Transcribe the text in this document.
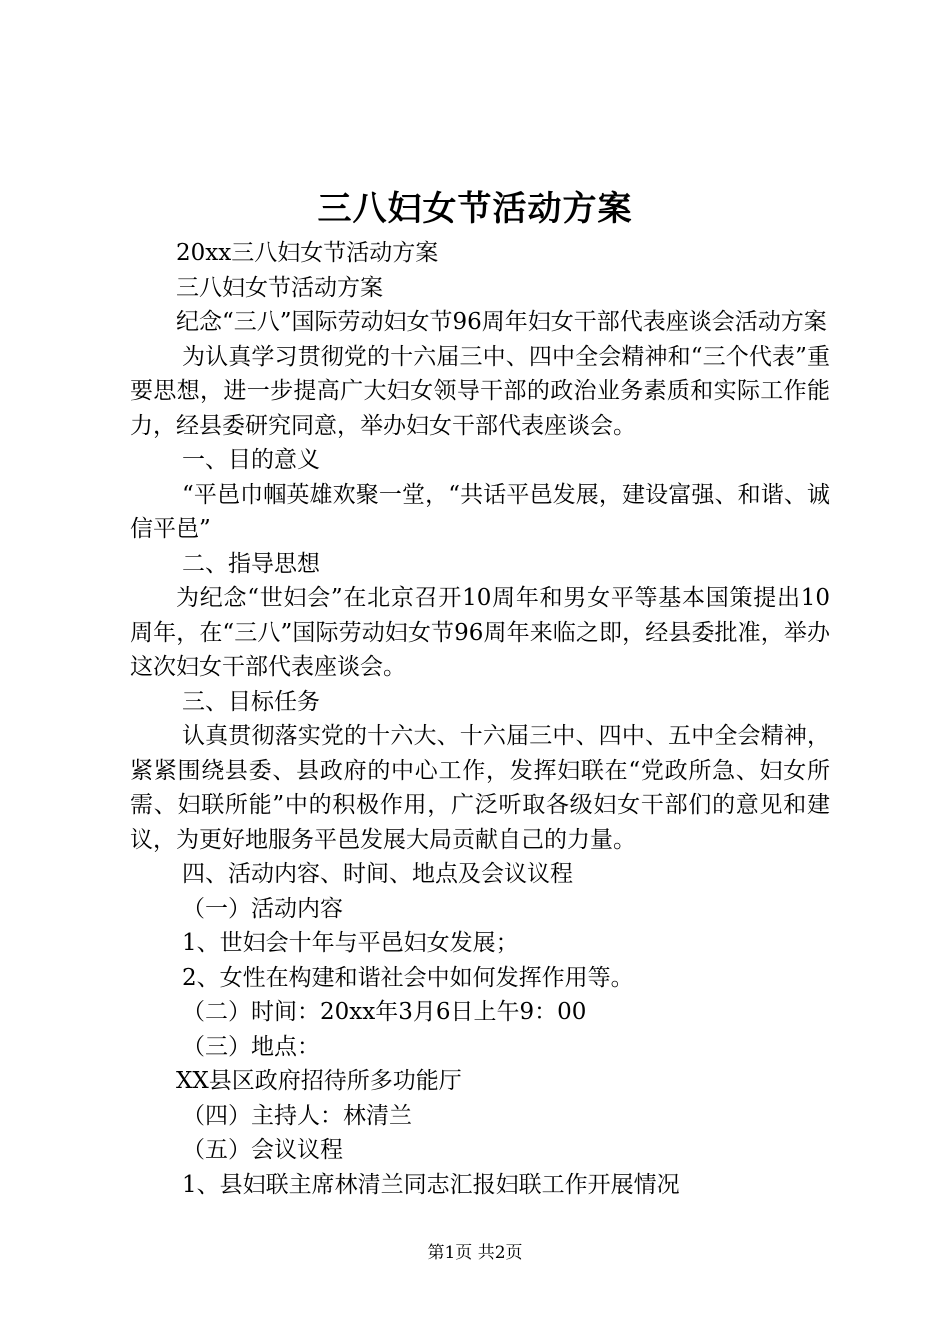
三八妇女节活动方案

20xx三八妇女节活动方案

三八妇女节活动方案

纪念“三八”国际劳动妇女节96周年妇女干部代表座谈会活动方案

为认真学习贯彻党的十六届三中、四中全会精神和“三个代表”重要思想，进一步提高广大妇女领导干部的政治业务素质和实际工作能力，经县委研究同意，举办妇女干部代表座谈会。

一、目的意义

“平邑巾帼英雄欢聚一堂，“共话平邑发展，建设富强、和谐、诚信平邑”

二、指导思想

为纪念“世妇会”在北京召开10周年和男女平等基本国策提出10周年，在“三八”国际劳动妇女节96周年来临之即，经县委批准，举办这次妇女干部代表座谈会。

三、目标任务

认真贯彻落实党的十六大、十六届三中、四中、五中全会精神，紧紧围绕县委、县政府的中心工作，发挥妇联在“党政所急、妇女所需、妇联所能”中的积极作用，广泛听取各级妇女干部们的意见和建议，为更好地服务平邑发展大局贡献自己的力量。

四、活动内容、时间、地点及会议议程

（一）活动内容

1、世妇会十年与平邑妇女发展；

2、女性在构建和谐社会中如何发挥作用等。

（二）时间：20xx年3月6日上午9：00

（三）地点：

XX县区政府招待所多功能厅

（四）主持人：林清兰

（五）会议议程

1、县妇联主席林清兰同志汇报妇联工作开展情况

第1页 共2页
